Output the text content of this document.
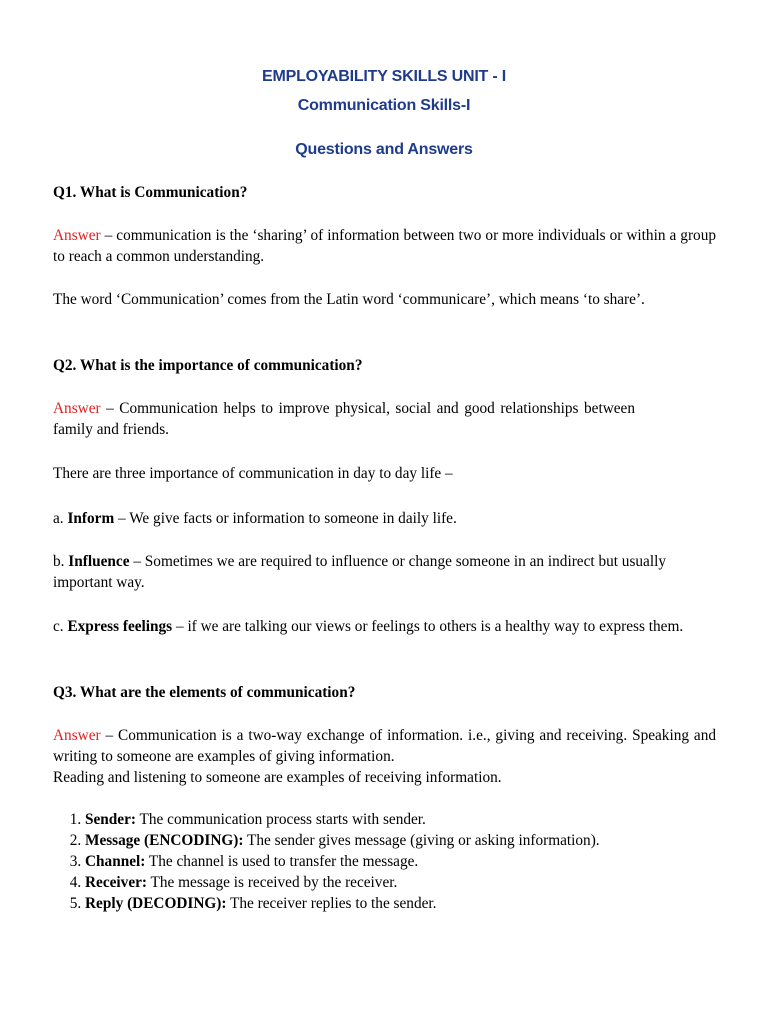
EMPLOYABILITY SKILLS UNIT - I
Communication Skills-I
Questions and Answers

Q1. What is Communication?

Answer – communication is the ‘sharing’ of information between two or more individuals or within a group to reach a common understanding.

The word ‘Communication’ comes from the Latin word ‘communicare’, which means ‘to share’.

Q2. What is the importance of communication?

Answer – Communication helps to improve physical, social and good relationships between family and friends.

There are three importance of communication in day to day life –

a. Inform – We give facts or information to someone in daily life.

b. Influence – Sometimes we are required to influence or change someone in an indirect but usually important way.

c. Express feelings – if we are talking our views or feelings to others is a healthy way to express them.

Q3. What are the elements of communication?

Answer – Communication is a two-way exchange of information. i.e., giving and receiving. Speaking and writing to someone are examples of giving information.

Reading and listening to someone are examples of receiving information.

1. Sender: The communication process starts with sender.
2. Message (ENCODING): The sender gives message (giving or asking information).
3. Channel: The channel is used to transfer the message.
4. Receiver: The message is received by the receiver.
5. Reply (DECODING): The receiver replies to the sender.
